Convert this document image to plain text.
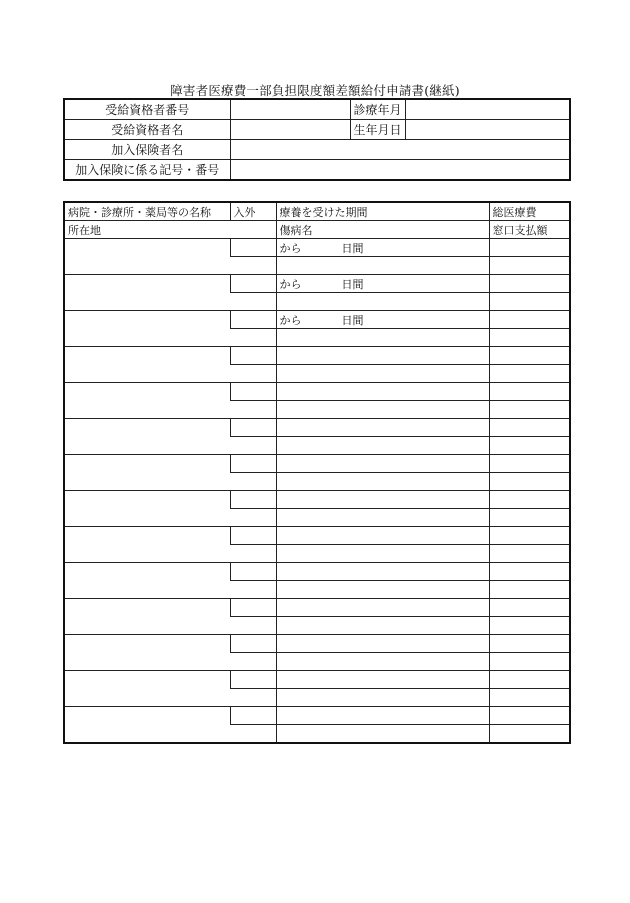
障害者医療費一部負担限度額差額給付申請書(継紙)
受給資格者番号		診療年月	
受給資格者名		生年月日	
加入保険者名			
加入保険に係る記号・番号			
病院・診療所・薬局等の名称	入外	療養を受けた期間	総医療費
所在地		傷病名	窓口支払額
		から 日間	

		から 日間	

		から 日間	
